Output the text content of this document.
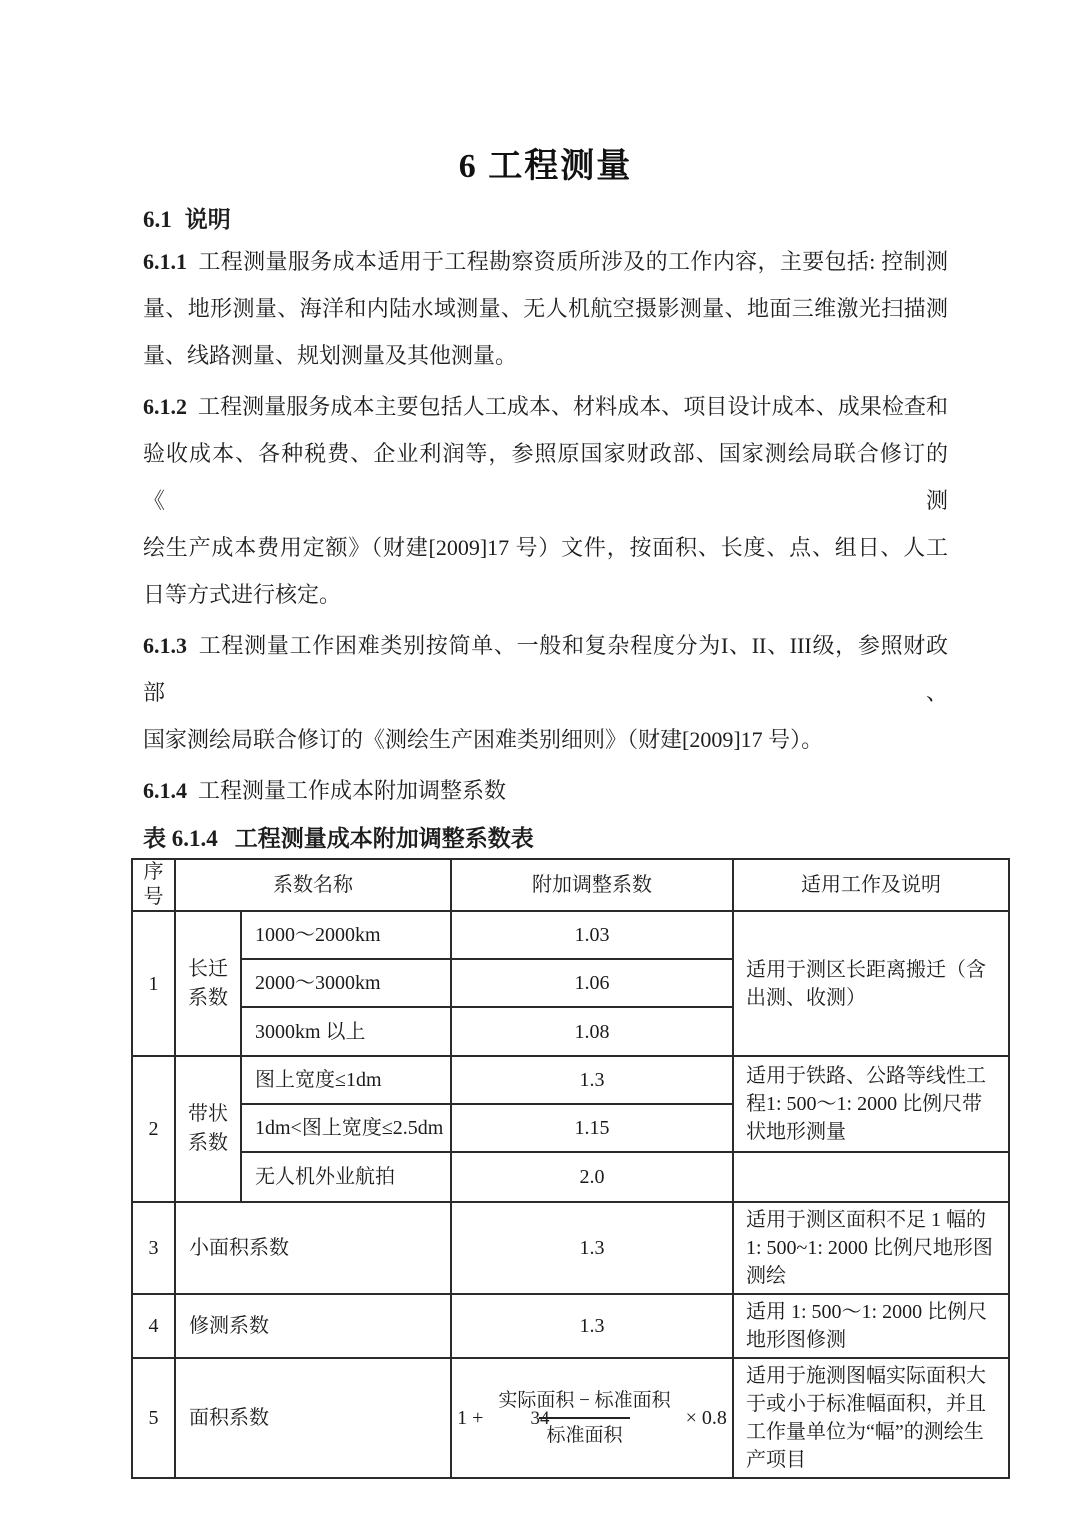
6 工程测量
6.1 说明
6.1.1 工程测量服务成本适用于工程勘察资质所涉及的工作内容，主要包括: 控制测
量、地形测量、海洋和内陆水域测量、无人机航空摄影测量、地面三维激光扫描测
量、线路测量、规划测量及其他测量。
6.1.2 工程测量服务成本主要包括人工成本、材料成本、项目设计成本、成果检查和
验收成本、各种税费、企业利润等，参照原国家财政部、国家测绘局联合修订的《测
绘生产成本费用定额》（财建[2009]17 号）文件，按面积、长度、点、组日、人工
日等方式进行核定。
6.1.3 工程测量工作困难类别按简单、一般和复杂程度分为I、II、III级，参照财政部、
国家测绘局联合修订的《测绘生产困难类别细则》（财建[2009]17 号）。
6.1.4 工程测量工作成本附加调整系数
表 6.1.4 工程测量成本附加调整系数表
序号	系数名称		附加调整系数	适用工作及说明
1	长迁系数	1000～2000km	1.03	适用于测区长距离搬迁（含出测、收测）
		2000～3000km	1.06	
		3000km 以上	1.08	
2	带状系数	图上宽度≤1dm	1.3	适用于铁路、公路等线性工程1: 500～1: 2000 比例尺带状地形测量
		1dm<图上宽度≤2.5dm	1.15	
		无人机外业航拍	2.0	
3	小面积系数		1.3	适用于测区面积不足 1 幅的 1: 500~1: 2000 比例尺地形图测绘
4	修测系数		1.3	适用 1: 500～1: 2000 比例尺地形图修测
5	面积系数		$1 + \frac{\text{实际面积 − 标准面积}}{\text{标准面积}} \times 0.8$	适用于施测图幅实际面积大于或小于标准幅面积，并且工作量单位为“幅”的测绘生产项目
34
